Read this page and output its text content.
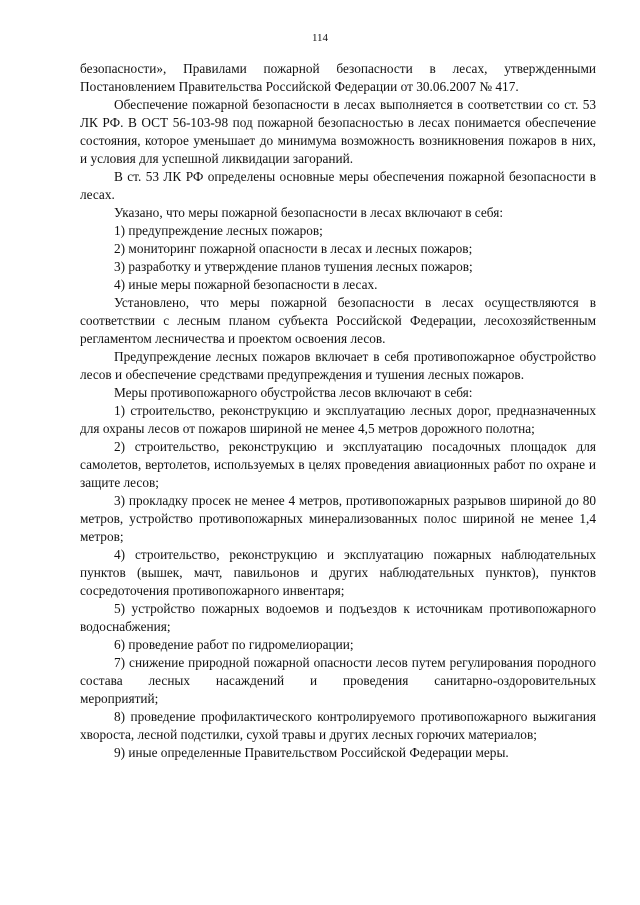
114

безопасности», Правилами пожарной безопасности в лесах, утвержденными Постановлением Правительства Российской Федерации от 30.06.2007 № 417.

Обеспечение пожарной безопасности в лесах выполняется в соответствии со ст. 53 ЛК РФ. В ОСТ 56-103-98 под пожарной безопасностью в лесах понимается обеспечение состояния, которое уменьшает до минимума возможность возникновения пожаров в них, и условия для успешной ликвидации загораний.

В ст. 53 ЛК РФ определены основные меры обеспечения пожарной безопасности в лесах.

Указано, что меры пожарной безопасности в лесах включают в себя:

1) предупреждение лесных пожаров;

2) мониторинг пожарной опасности в лесах и лесных пожаров;

3) разработку и утверждение планов тушения лесных пожаров;

4) иные меры пожарной безопасности в лесах.

Установлено, что меры пожарной безопасности в лесах осуществляются в соответствии с лесным планом субъекта Российской Федерации, лесохозяйственным регламентом лесничества и проектом освоения лесов.

Предупреждение лесных пожаров включает в себя противопожарное обустройство лесов и обеспечение средствами предупреждения и тушения лесных пожаров.

Меры противопожарного обустройства лесов включают в себя:

1) строительство, реконструкцию и эксплуатацию лесных дорог, предназначенных для охраны лесов от пожаров шириной не менее 4,5 метров дорожного полотна;

2) строительство, реконструкцию и эксплуатацию посадочных площадок для самолетов, вертолетов, используемых в целях проведения авиационных работ по охране и защите лесов;

3) прокладку просек не менее 4 метров, противопожарных разрывов шириной до 80 метров, устройство противопожарных минерализованных полос шириной не менее 1,4 метров;

4) строительство, реконструкцию и эксплуатацию пожарных наблюдательных пунктов (вышек, мачт, павильонов и других наблюдательных пунктов), пунктов сосредоточения противопожарного инвентаря;

5) устройство пожарных водоемов и подъездов к источникам противопожарного водоснабжения;

6) проведение работ по гидромелиорации;

7) снижение природной пожарной опасности лесов путем регулирования породного состава лесных насаждений и проведения санитарно-оздоровительных

мероприятий;

8) проведение профилактического контролируемого противопожарного выжигания хвороста, лесной подстилки, сухой травы и других лесных горючих материалов;

9) иные определенные Правительством Российской Федерации меры.
